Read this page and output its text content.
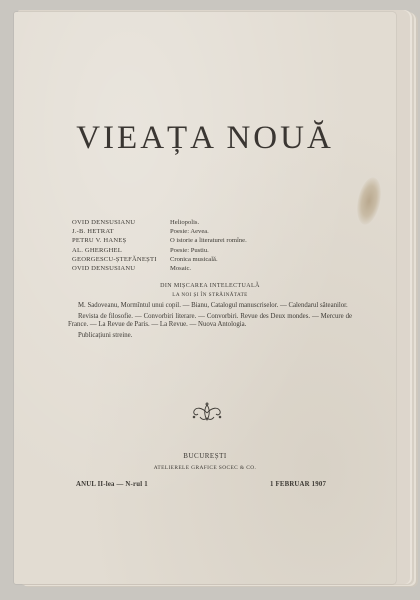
VIEAȚA NOUĂ
OVID DENSUSIANU	Heliopolis.
J.-B. HETRAT	Poesie: Aevea.
PETRU V. HANEȘ	O istorie a literaturei romîne.
AL. GHERGHEL	Poesie: Pustiu.
GEORGESCU-ȘTEFĂNEȘTI	Cronica musicală.
OVID DENSUSIANU	Mosaic.
DIN MIȘCAREA INTELECTUALĂ
LA NOI ȘI ÎN STRĂINĂTATE
M. Sadoveanu, Mormîntul unui copil. — Bianu, Catalogul manuscriselor. — Calendarul săteanilor.
Revista de filosofie. — Convorbiri literare. — Convorbiri. Revue des Deux mondes. — Mercure de France. — La Revue de Paris. — La Revue. — Nuova Antologia.
Publicațiuni streine.
BUCUREȘTI
ATELIERELE GRAFICE SOCEC & CO.
ANUL II-lea — N-rul 1	1 FEBRUAR 1907
